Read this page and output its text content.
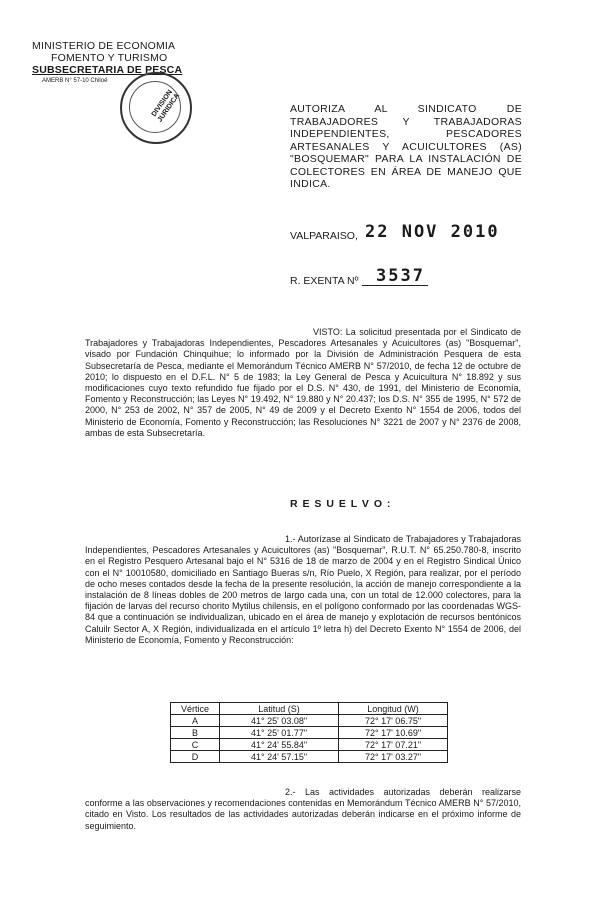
MINISTERIO DE ECONOMIA
FOMENTO Y TURISMO
SUBSECRETARIA DE PESCA
AMERB N° 57-10 Chiloé
DIVISION JURIDICA	AUTORIZA AL SINDICATO DE
TRABAJADORES Y TRABAJADORAS
INDEPENDIENTES, PESCADORES
ARTESANALES Y ACUICULTORES (AS)
"BOSQUEMAR" PARA LA INSTALACIÓN DE
COLECTORES EN ÁREA DE MANEJO QUE
INDICA.
VALPARAISO, 22 NOV 2010
R. EXENTA Nº 3537
VISTO: La solicitud presentada por el Sindicato de Trabajadores y Trabajadoras Independientes, Pescadores Artesanales y Acuicultores (as) "Bosquemar", visado por Fundación Chinquihue; lo informado por la División de Administración Pesquera de esta Subsecretaría de Pesca, mediante el Memorándum Técnico AMERB N° 57/2010, de fecha 12 de octubre de 2010; lo dispuesto en el D.F.L. N° 5 de 1983; la Ley General de Pesca y Acuicultura N° 18.892 y sus modificaciones cuyo texto refundido fue fijado por el D.S. N° 430, de 1991, del Ministerio de Economía, Fomento y Reconstrucción; las Leyes N° 19.492, N° 19.880 y N° 20.437; los D.S. N° 355 de 1995, N° 572 de 2000, N° 253 de 2002, N° 357 de 2005, N° 49 de 2009 y el Decreto Exento N° 1554 de 2006, todos del Ministerio de Economía, Fomento y Reconstrucción; las Resoluciones N° 3221 de 2007 y N° 2376 de 2008, ambas de esta Subsecretaría.
R E S U E L V O :
1.- Autorízase al Sindicato de Trabajadores y Trabajadoras Independientes, Pescadores Artesanales y Acuicultores (as) "Bosquemar", R.U.T. N° 65.250.780-8, inscrito en el Registro Pesquero Artesanal bajo el N° 5316 de 18 de marzo de 2004 y en el Registro Sindical Único con el N° 10010580, domiciliado en Santiago Bueras s/n, Río Puelo, X Región, para realizar, por el período de ocho meses contados desde la fecha de la presente resolución, la acción de manejo correspondiente a la instalación de 8 líneas dobles de 200 metros de largo cada una, con un total de 12.000 colectores, para la fijación de larvas del recurso chorito Mytilus chilensis, en el polígono conformado por las coordenadas WGS-84 que a continuación se individualizan, ubicado en el área de manejo y explotación de recursos bentónicos Caluilr Sector A, X Región, individualizada en el artículo 1º letra h) del Decreto Exento N° 1554 de 2006, del Ministerio de Economía, Fomento y Reconstrucción:
Vértice	Latitud (S)	Longitud (W)
A	41° 25' 03.08"	72° 17' 06.75"
B	41° 25' 01.77"	72° 17' 10.69"
C	41° 24' 55.84"	72° 17' 07.21"
D	41° 24' 57.15"	72° 17' 03.27"
2.- Las actividades autorizadas deberán realizarse conforme a las observaciones y recomendaciones contenidas en Memorándum Técnico AMERB N° 57/2010, citado en Visto. Los resultados de las actividades autorizadas deberán indicarse en el próximo informe de seguimiento.
